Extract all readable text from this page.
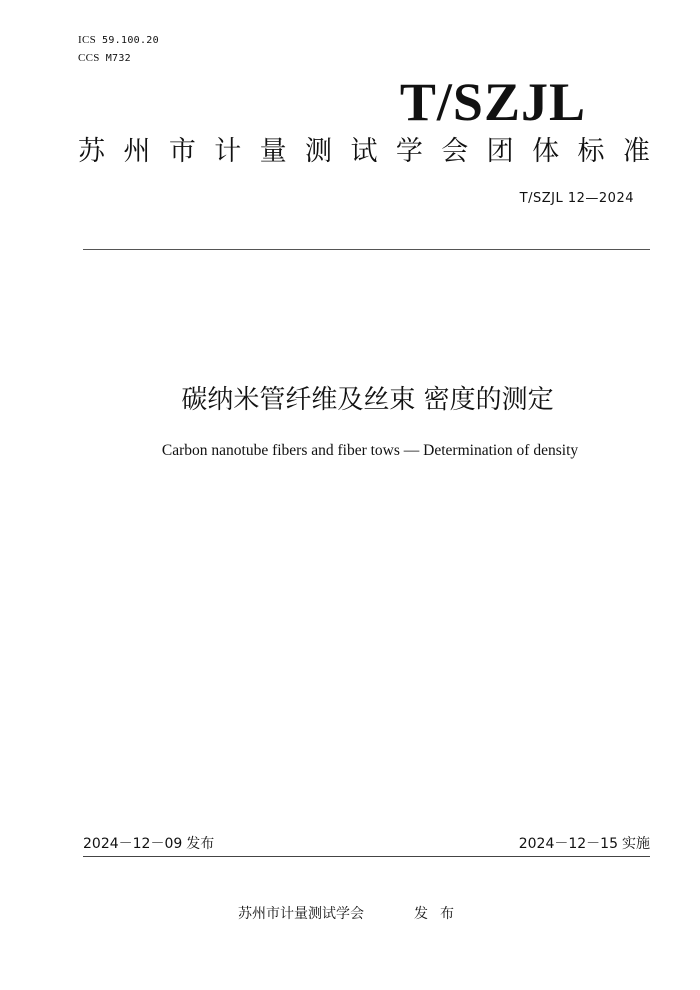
ICS 59.100.20
CCS M732
T/SZJL
苏 州 市 计 量 测 试 学 会 团 体 标 准
T/SZJL 12—2024
碳纳米管纤维及丝束 密度的测定
Carbon nanotube fibers and fiber tows — Determination of density
2024－12－09 发布	2024－12－15 实施
苏州市计量测试学会	发布
